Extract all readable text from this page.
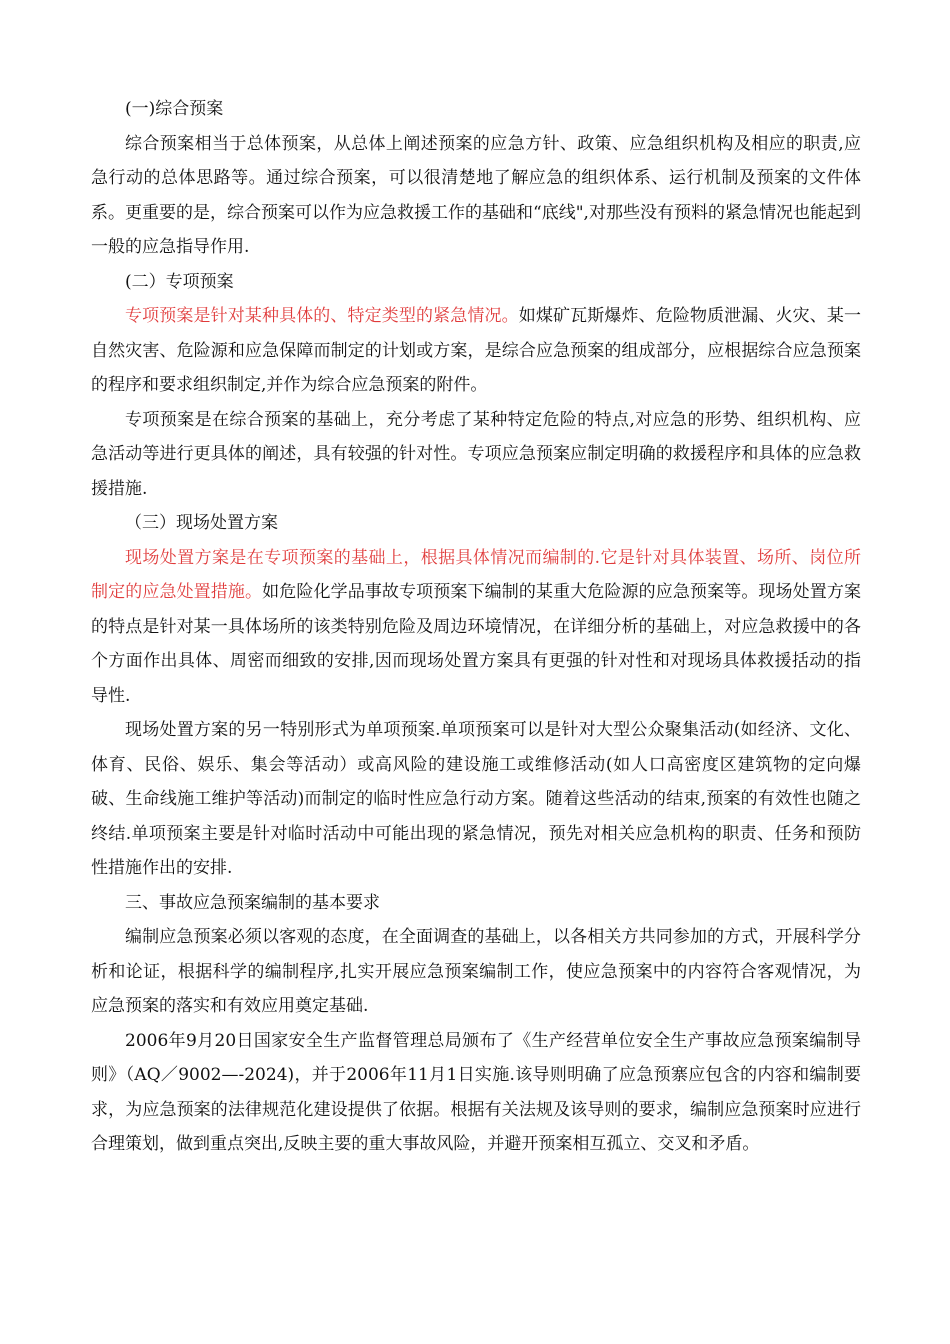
(一)综合预案

综合预案相当于总体预案，从总体上阐述预案的应急方针、政策、应急组织机构及相应的职责,应急行动的总体思路等。通过综合预案，可以很清楚地了解应急的组织体系、运行机制及预案的文件体系。更重要的是，综合预案可以作为应急救援工作的基础和“底线",对那些没有预料的紧急情况也能起到一般的应急指导作用.

(二）专项预案

专项预案是针对某种具体的、特定类型的紧急情况。如煤矿瓦斯爆炸、危险物质泄漏、火灾、某一自然灾害、危险源和应急保障而制定的计划或方案，是综合应急预案的组成部分，应根据综合应急预案的程序和要求组织制定,并作为综合应急预案的附件。

专项预案是在综合预案的基础上，充分考虑了某种特定危险的特点,对应急的形势、组织机构、应急活动等进行更具体的阐述，具有较强的针对性。专项应急预案应制定明确的救援程序和具体的应急救援措施.

（三）现场处置方案

现场处置方案是在专项预案的基础上，根据具体情况而编制的.它是针对具体装置、场所、岗位所制定的应急处置措施。如危险化学品事故专项预案下编制的某重大危险源的应急预案等。现场处置方案的特点是针对某一具体场所的该类特别危险及周边环境情况，在详细分析的基础上，对应急救援中的各个方面作出具体、周密而细致的安排,因而现场处置方案具有更强的针对性和对现场具体救援括动的指导性.

现场处置方案的另一特别形式为单项预案.单项预案可以是针对大型公众聚集活动(如经济、文化、体育、民俗、娱乐、集会等活动）或高风险的建设施工或维修活动(如人口高密度区建筑物的定向爆破、生命线施工维护等活动)而制定的临时性应急行动方案。随着这些活动的结束,预案的有效性也随之终结.单项预案主要是针对临时活动中可能出现的紧急情况，预先对相关应急机构的职责、任务和预防性措施作出的安排.

三、事故应急预案编制的基本要求

编制应急预案必须以客观的态度，在全面调查的基础上，以各相关方共同参加的方式，开展科学分析和论证，根据科学的编制程序,扎实开展应急预案编制工作，使应急预案中的内容符合客观情况，为应急预案的落实和有效应用奠定基础.

2006年9月20日国家安全生产监督管理总局颁布了《生产经营单位安全生产事故应急预案编制导则》（AQ／9002—-2024)，并于2006年11月1日实施.该导则明确了应急预寨应包含的内容和编制要求，为应急预案的法律规范化建设提供了依据。根据有关法规及该导则的要求，编制应急预案时应进行合理策划，做到重点突出,反映主要的重大事故风险，并避开预案相互孤立、交叉和矛盾。
